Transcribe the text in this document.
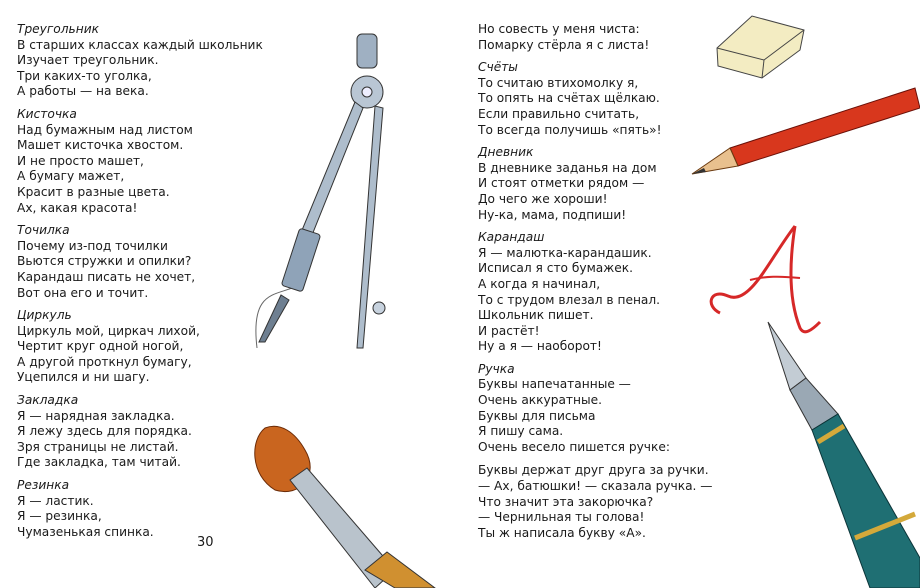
Треугольник
В старших классах каждый школьник
Изучает треугольник.
Три каких-то уголка,
А работы — на века.
Кисточка
Над бумажным над листом
Машет кисточка хвостом.
И не просто машет,
А бумагу мажет,
Красит в разные цвета.
Ах, какая красота!
Точилка
Почему из-под точилки
Вьются стружки и опилки?
Карандаш писать не хочет,
Вот она его и точит.
Циркуль
Циркуль мой, циркач лихой,
Чертит круг одной ногой,
А другой проткнул бумагу,
Уцепился и ни шагу.
Закладка
Я — нарядная закладка.
Я лежу здесь для порядка.
Зря страницы не листай.
Где закладка, там читай.
Резинка
Я — ластик.
Я — резинка,
Чумазенькая спинка.
Но совесть у меня чиста:
Помарку стёрла я с листа!
Счёты
То считаю втихомолку я,
То опять на счётах щёлкаю.
Если правильно считать,
То всегда получишь «пять»!
Дневник
В дневнике заданья на дом
И стоят отметки рядом —
До чего же хороши!
Ну-ка, мама, подпиши!
Карандаш
Я — малютка-карандашик.
Исписал я сто бумажек.
А когда я начинал,
То с трудом влезал в пенал.
Школьник пишет.
И растёт!
Ну а я — наоборот!
Ручка
Буквы напечатанные —
Очень аккуратные.
Буквы для письма
Я пишу сама.
Очень весело пишется ручке:
Буквы держат друг друга за ручки.
— Ах, батюшки! — сказала ручка. —
Что значит эта закорючка?
— Чернильная ты голова!
Ты ж написала букву «А».
30
